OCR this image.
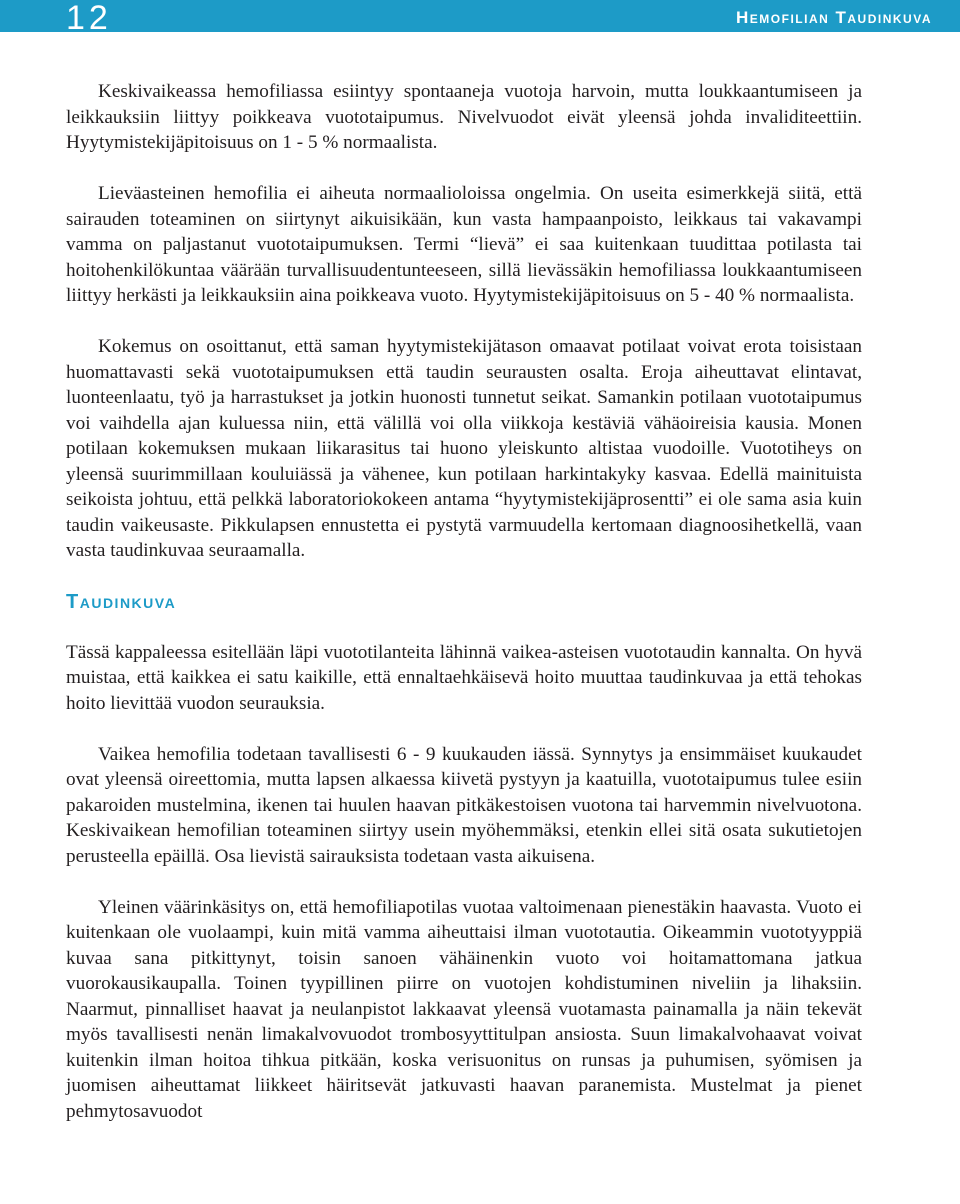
12	Hemofilian Taudinkuva

Keskivaikeassa hemofiliassa esiintyy spontaaneja vuotoja harvoin, mutta loukkaantumiseen ja leikkauksiin liittyy poikkeava vuototaipumus. Nivelvuodot eivät yleensä johda invaliditeettiin. Hyytymistekijäpitoisuus on 1 - 5 % normaalista.

Lieväasteinen hemofilia ei aiheuta normaalioloissa ongelmia. On useita esimerkkejä siitä, että sairauden toteaminen on siirtynyt aikuisikään, kun vasta hampaanpoisto, leikkaus tai vakavampi vamma on paljastanut vuototaipumuksen. Termi “lievä” ei saa kuitenkaan tuudittaa potilasta tai hoitohenkilökuntaa väärään turvallisuudentunteeseen, sillä lievässäkin hemofiliassa loukkaantumiseen liittyy herkästi ja leikkauksiin aina poikkeava vuoto. Hyytymistekijäpitoisuus on 5 - 40 % normaalista.

Kokemus on osoittanut, että saman hyytymistekijätason omaavat potilaat voivat erota toisistaan huomattavasti sekä vuototaipumuksen että taudin seurausten osalta. Eroja aiheuttavat elintavat, luonteenlaatu, työ ja harrastukset ja jotkin huonosti tunnetut seikat. Samankin potilaan vuototaipumus voi vaihdella ajan kuluessa niin, että välillä voi olla viikkoja kestäviä vähäoireisia kausia. Monen potilaan kokemuksen mukaan liikarasitus tai huono yleiskunto altistaa vuodoille. Vuototiheys on yleensä suurimmillaan kouluiässä ja vähenee, kun potilaan harkintakyky kasvaa. Edellä mainituista seikoista johtuu, että pelkkä laboratoriokokeen antama “hyytymistekijäprosentti” ei ole sama asia kuin taudin vaikeusaste. Pikkulapsen ennustetta ei pystytä varmuudella kertomaan diagnoosihetkellä, vaan vasta taudinkuvaa seuraamalla.

Taudinkuva

Tässä kappaleessa esitellään läpi vuototilanteita lähinnä vaikea-asteisen vuototaudin kannalta. On hyvä muistaa, että kaikkea ei satu kaikille, että ennaltaehkäisevä hoito muuttaa taudinkuvaa ja että tehokas hoito lievittää vuodon seurauksia.

Vaikea hemofilia todetaan tavallisesti 6 - 9 kuukauden iässä. Synnytys ja ensimmäiset kuukaudet ovat yleensä oireettomia, mutta lapsen alkaessa kiivetä pystyyn ja kaatuilla, vuototaipumus tulee esiin pakaroiden mustelmina, ikenen tai huulen haavan pitkäkestoisen vuotona tai harvemmin nivelvuotona. Keskivaikean hemofilian toteaminen siirtyy usein myöhemmäksi, etenkin ellei sitä osata sukutietojen perusteella epäillä. Osa lievistä sairauksista todetaan vasta aikuisena.

Yleinen väärinkäsitys on, että hemofiliapotilas vuotaa valtoimenaan pienestäkin haavasta. Vuoto ei kuitenkaan ole vuolaampi, kuin mitä vamma aiheuttaisi ilman vuototautia. Oikeammin vuototyyppiä kuvaa sana pitkittynyt, toisin sanoen vähäinenkin vuoto voi hoitamattomana jatkua vuorokausikaupalla. Toinen tyypillinen piirre on vuotojen kohdistuminen niveliin ja lihaksiin. Naarmut, pinnalliset haavat ja neulanpistot lakkaavat yleensä vuotamasta painamalla ja näin tekevät myös tavallisesti nenän limakalvovuodot trombosyyttitulpan ansiosta. Suun limakalvohaavat voivat kuitenkin ilman hoitoa tihkua pitkään, koska verisuonitus on runsas ja puhumisen, syömisen ja juomisen aiheuttamat liikkeet häiritsevät jatkuvasti haavan paranemista. Mustelmat ja pienet pehmytosavuodot
